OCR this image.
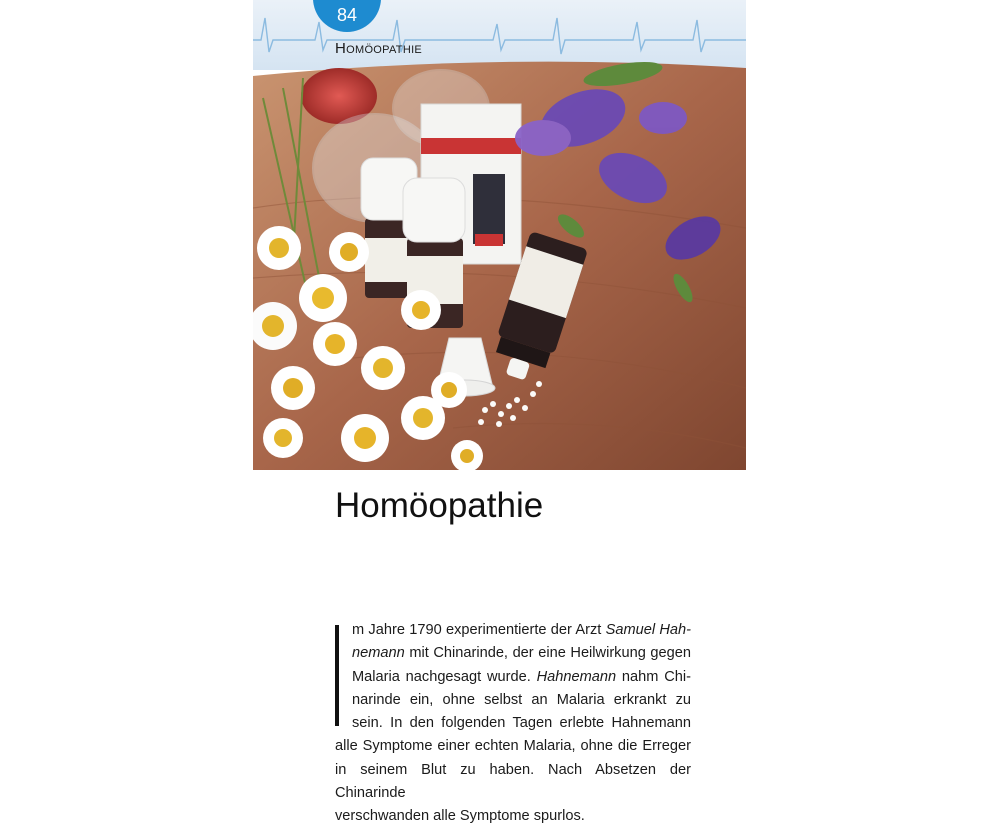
84
Homöopathie
Homöopathie
m Jahre 1790 experimentierte der Arzt Samuel Hah-
nemann mit Chinarinde, der eine Heilwirkung gegen
Malaria nachgesagt wurde. Hahnemann nahm Chi-
narinde ein, ohne selbst an Malaria erkrankt zu
sein. In den folgenden Tagen erlebte Hahnemann
alle Symptome einer echten Malaria, ohne die Erreger
in seinem Blut zu haben. Nach Absetzen der Chinarinde
verschwanden alle Symptome spurlos.
